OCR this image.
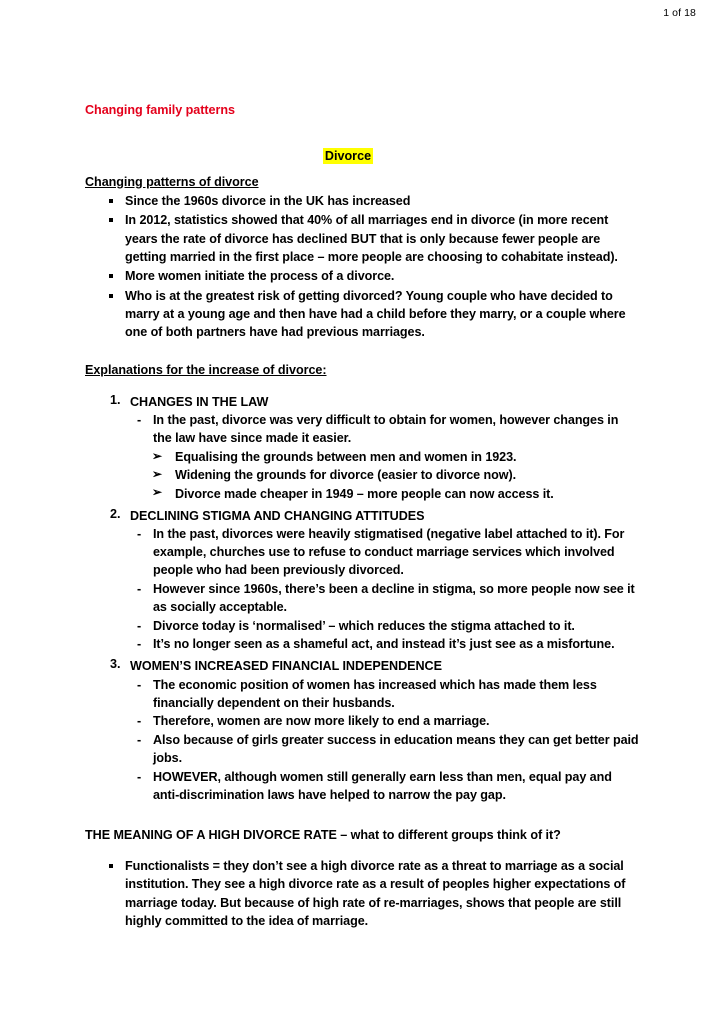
1 of 18
Changing family patterns
Divorce
Changing patterns of divorce
Since the 1960s divorce in the UK has increased
In 2012, statistics showed that 40% of all marriages end in divorce (in more recent years the rate of divorce has declined BUT that is only because fewer people are getting married in the first place – more people are choosing to cohabitate instead).
More women initiate the process of a divorce.
Who is at the greatest risk of getting divorced? Young couple who have decided to marry at a young age and then have had a child before they marry, or a couple where one of both partners have had previous marriages.
Explanations for the increase of divorce:
CHANGES IN THE LAW
- In the past, divorce was very difficult to obtain for women, however changes in the law have since made it easier.
➢ Equalising the grounds between men and women in 1923.
➢ Widening the grounds for divorce (easier to divorce now).
➢ Divorce made cheaper in 1949 – more people can now access it.
DECLINING STIGMA AND CHANGING ATTITUDES
- In the past, divorces were heavily stigmatised (negative label attached to it). For example, churches use to refuse to conduct marriage services which involved people who had been previously divorced.
- However since 1960s, there’s been a decline in stigma, so more people now see it as socially acceptable.
- Divorce today is ‘normalised’ – which reduces the stigma attached to it.
- It’s no longer seen as a shameful act, and instead it’s just see as a misfortune.
WOMEN’S INCREASED FINANCIAL INDEPENDENCE
- The economic position of women has increased which has made them less financially dependent on their husbands.
- Therefore, women are now more likely to end a marriage.
- Also because of girls greater success in education means they can get better paid jobs.
- HOWEVER, although women still generally earn less than men, equal pay and anti-discrimination laws have helped to narrow the pay gap.

THE MEANING OF A HIGH DIVORCE RATE – what to different groups think of it?

Functionalists = they don’t see a high divorce rate as a threat to marriage as a social institution. They see a high divorce rate as a result of peoples higher expectations of marriage today. But because of high rate of re-marriages, shows that people are still highly committed to the idea of marriage.
